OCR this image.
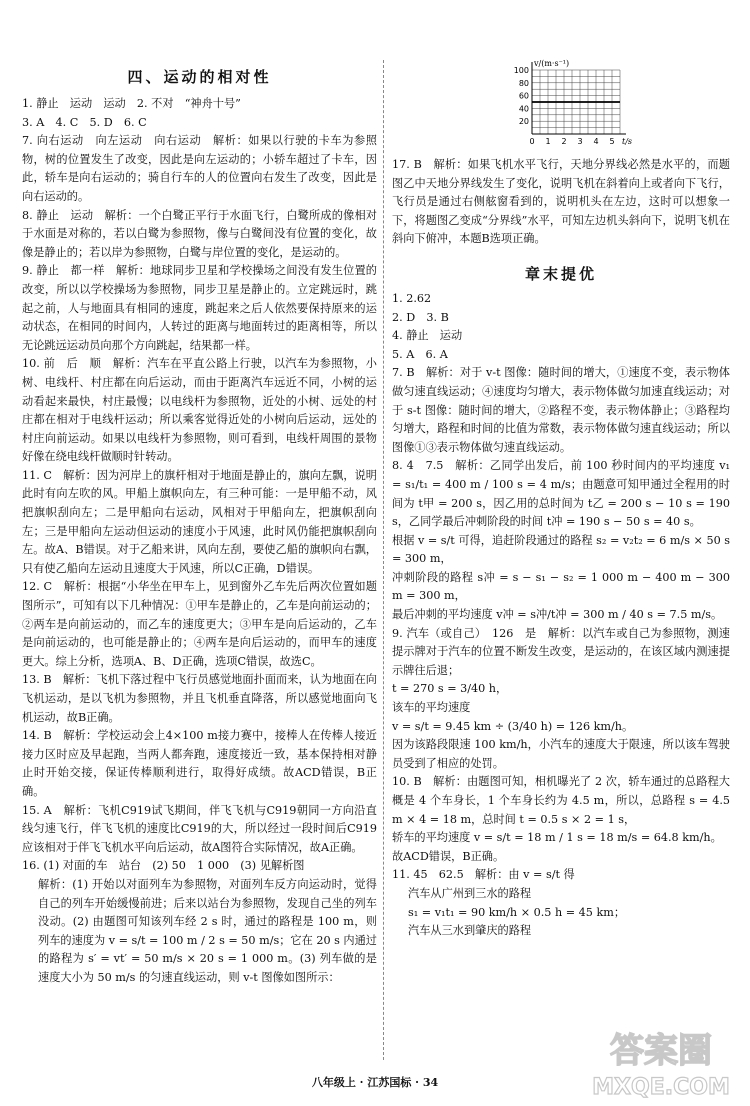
四、运动的相对性

1. 静止　运动　运动　2. 不对　“神舟十号”

3. A　4. C　5. D　6. C

7. 向右运动　向左运动　向右运动　解析：如果以行驶的卡车为参照物，树的位置发生了改变，因此是向左运动的；小轿车超过了卡车，因此，轿车是向右运动的；骑自行车的人的位置向右发生了改变，因此是向右运动的。

8. 静止　运动　解析：一个白鹭正平行于水面飞行，白鹭所成的像相对于水面是对称的，若以白鹭为参照物，像与白鹭间没有位置的变化，故像是静止的；若以岸为参照物，白鹭与岸位置的变化，是运动的。

9. 静止　都一样　解析：地球同步卫星和学校操场之间没有发生位置的改变，所以以学校操场为参照物，同步卫星是静止的。立定跳远时，跳起之前，人与地面具有相同的速度，跳起来之后人依然要保持原来的运动状态，在相同的时间内，人转过的距离与地面转过的距离相等，所以无论跳远运动员向那个方向跳起，结果都一样。

10. 前　后　顺　解析：汽车在平直公路上行驶，以汽车为参照物，小树、电线杆、村庄都在向后运动，而由于距离汽车远近不同，小树的运动看起来最快，村庄最慢；以电线杆为参照物，近处的小树、远处的村庄都在相对于电线杆运动；所以乘客觉得近处的小树向后运动，远处的村庄向前运动。如果以电线杆为参照物，则可看到，电线杆周围的景物好像在绕电线杆做顺时针转动。

11. C　解析：因为河岸上的旗杆相对于地面是静止的，旗向左飘，说明此时有向左吹的风。甲船上旗帜向左，有三种可能：一是甲船不动，风把旗帜刮向左；二是甲船向右运动，风相对于甲船向左，把旗帜刮向左；三是甲船向左运动但运动的速度小于风速，此时风仍能把旗帜刮向左。故A、B错误。对于乙船来讲，风向左刮，要使乙船的旗帜向右飘，只有使乙船向左运动且速度大于风速，所以C正确，D错误。

12. C　解析：根据“小华坐在甲车上，见到窗外乙车先后两次位置如题图所示”，可知有以下几种情况：①甲车是静止的，乙车是向前运动的；②两车是向前运动的，而乙车的速度更大；③甲车是向后运动的，乙车是向前运动的，也可能是静止的；④两车是向后运动的，而甲车的速度更大。综上分析，选项A、B、D正确，选项C错误，故选C。

13. B　解析：飞机下落过程中飞行员感觉地面扑面而来，认为地面在向飞机运动，是以飞机为参照物，并且飞机垂直降落，所以感觉地面向飞机运动，故B正确。

14. B　解析：学校运动会上4×100 m接力赛中，接棒人在传棒人接近接力区时应及早起跑，当两人都奔跑，速度接近一致，基本保持相对静止时开始交接，保证传棒顺利进行，取得好成绩。故ACD错误，B正确。

15. A　解析：飞机C919试飞期间，伴飞飞机与C919朝同一方向沿直线匀速飞行，伴飞飞机的速度比C919的大，所以经过一段时间后C919应该相对于伴飞飞机水平向后运动，故A图符合实际情况，故A正确。

16. (1) 对面的车　站台　(2) 50　1 000　(3) 见解析图

解析：(1) 开始以对面列车为参照物，对面列车反方向运动时，觉得自己的列车开始缓慢前进；后来以站台为参照物，发现自己坐的列车没动。(2) 由题图可知该列车经 2 s 时，通过的路程是 100 m，则列车的速度为 v = s/t = 100 m / 2 s = 50 m/s；它在 20 s 内通过的路程为 s′ = vt′ = 50 m/s × 20 s = 1 000 m。(3) 列车做的是速度大小为 50 m/s 的匀速直线运动，则 v-t 图像如图所示：

20
40
60
80
100
0 1 2 3 4 5 t/s
v/(m·s⁻¹)

17. B　解析：如果飞机水平飞行，天地分界线必然是水平的，而题图乙中天地分界线发生了变化，说明飞机在斜着向上或者向下飞行，飞行员是通过右侧舷窗看到的，说明机头在左边，这时可以想象一下，将题图乙变成“分界线”水平，可知左边机头斜向下，说明飞机在斜向下俯冲，本题B选项正确。

章末提优

1. 2.62

2. D　3. B

4. 静止　运动

5. A　6. A

7. B　解析：对于 v-t 图像：随时间的增大，①速度不变，表示物体做匀速直线运动；④速度均匀增大，表示物体做匀加速直线运动；对于 s-t 图像：随时间的增大，②路程不变，表示物体静止；③路程均匀增大，路程和时间的比值为常数，表示物体做匀速直线运动；所以图像①③表示物体做匀速直线运动。

8. 4　7.5　解析：乙同学出发后，前 100 秒时间内的平均速度 v₁ = s₁/t₁ = 400 m / 100 s = 4 m/s；由题意可知甲通过全程用的时间为 t甲 = 200 s，因乙用的总时间为 t乙 = 200 s − 10 s = 190 s，乙同学最后冲刺阶段的时间 t冲 = 190 s − 50 s = 40 s。

根据 v = s/t 可得，追赶阶段通过的路程 s₂ = v₂t₂ = 6 m/s × 50 s = 300 m，

冲刺阶段的路程 s冲 = s − s₁ − s₂ = 1 000 m − 400 m − 300 m = 300 m，

最后冲刺的平均速度 v冲 = s冲/t冲 = 300 m / 40 s = 7.5 m/s。

9. 汽车（或自己）　126　是　解析：以汽车或自己为参照物，测速提示牌对于汽车的位置不断发生改变，是运动的，在该区域内测速提示牌往后退；

t = 270 s = 3/40 h，

该车的平均速度

v = s/t = 9.45 km ÷ (3/40 h) = 126 km/h。

因为该路段限速 100 km/h，小汽车的速度大于限速，所以该车驾驶员受到了相应的处罚。

10. B　解析：由题图可知，相机曝光了 2 次，轿车通过的总路程大概是 4 个车身长，1 个车身长约为 4.5 m，所以，总路程 s = 4.5 m × 4 = 18 m，总时间 t = 0.5 s × 2 = 1 s，

轿车的平均速度 v = s/t = 18 m / 1 s = 18 m/s = 64.8 km/h。

故ACD错误，B正确。

11. 45　62.5　解析：由 v = s/t 得

汽车从广州到三水的路程

s₁ = v₁t₁ = 90 km/h × 0.5 h = 45 km；

汽车从三水到肇庆的路程

八年级上 · 江苏国标 · 34
答案圈
MXQE.COM
